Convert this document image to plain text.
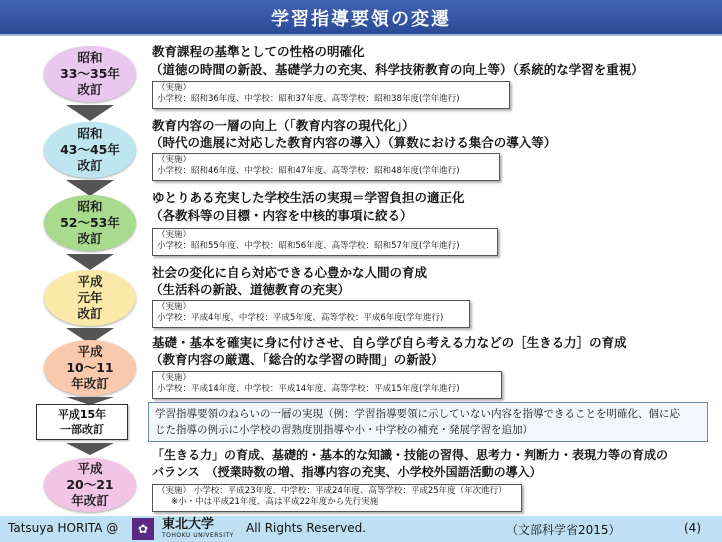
学習指導要領の変遷
昭和
33～35年
改訂
教育課程の基準としての性格の明確化
（道徳の時間の新設、基礎学力の充実、科学技術教育の向上等）（系統的な学習を重視）
（実施）
小学校：昭和36年度、中学校：昭和37年度、高等学校：昭和38年度(学年進行)
昭和
43～45年
改訂
教育内容の一層の向上（「教育内容の現代化」）
（時代の進展に対応した教育内容の導入）（算数における集合の導入等）
（実施）
小学校：昭和46年度、中学校：昭和47年度、高等学校：昭和48年度(学年進行)
昭和
52～53年
改訂
ゆとりある充実した学校生活の実現＝学習負担の適正化
（各教科等の目標・内容を中核的事項に絞る）
（実施）
小学校：昭和55年度、中学校：昭和56年度、高等学校：昭和57年度(学年進行)
平成
元年
改訂
社会の変化に自ら対応できる心豊かな人間の育成
（生活科の新設、道徳教育の充実）
（実施）
小学校：平成4年度、中学校：平成5年度、高等学校：平成6年度(学年進行)
平成
10～11
年改訂
基礎・基本を確実に身に付けさせ、自ら学び自ら考える力などの［生きる力］の育成
（教育内容の厳選、「総合的な学習の時間」の新設）
（実施）
小学校：平成14年度、中学校：平成14年度、高等学校：平成15年度(学年進行)
平成15年
一部改訂
学習指導要領のねらいの一層の実現（例：学習指導要領に示していない内容を指導できることを明確化、個に応
じた指導の例示に小学校の習熟度別指導や小・中学校の補充・発展学習を追加）
平成
20～21
年改訂
「生きる力」の育成、基礎的・基本的な知識・技能の習得、思考力・判断力・表現力等の育成の
バランス　（授業時数の増、指導内容の充実、小学校外国語活動の導入）
（実施） 小学校：平成23年度、中学校：平成24年度、高等学校：平成25年度（年次進行）
※小・中は平成21年度、高は平成22年度から先行実施
Tatsuya HORITA @	✿	東北大学
TOHOKU UNIVERSITY
All Rights Reserved.	（文部科学省2015）	(4)
